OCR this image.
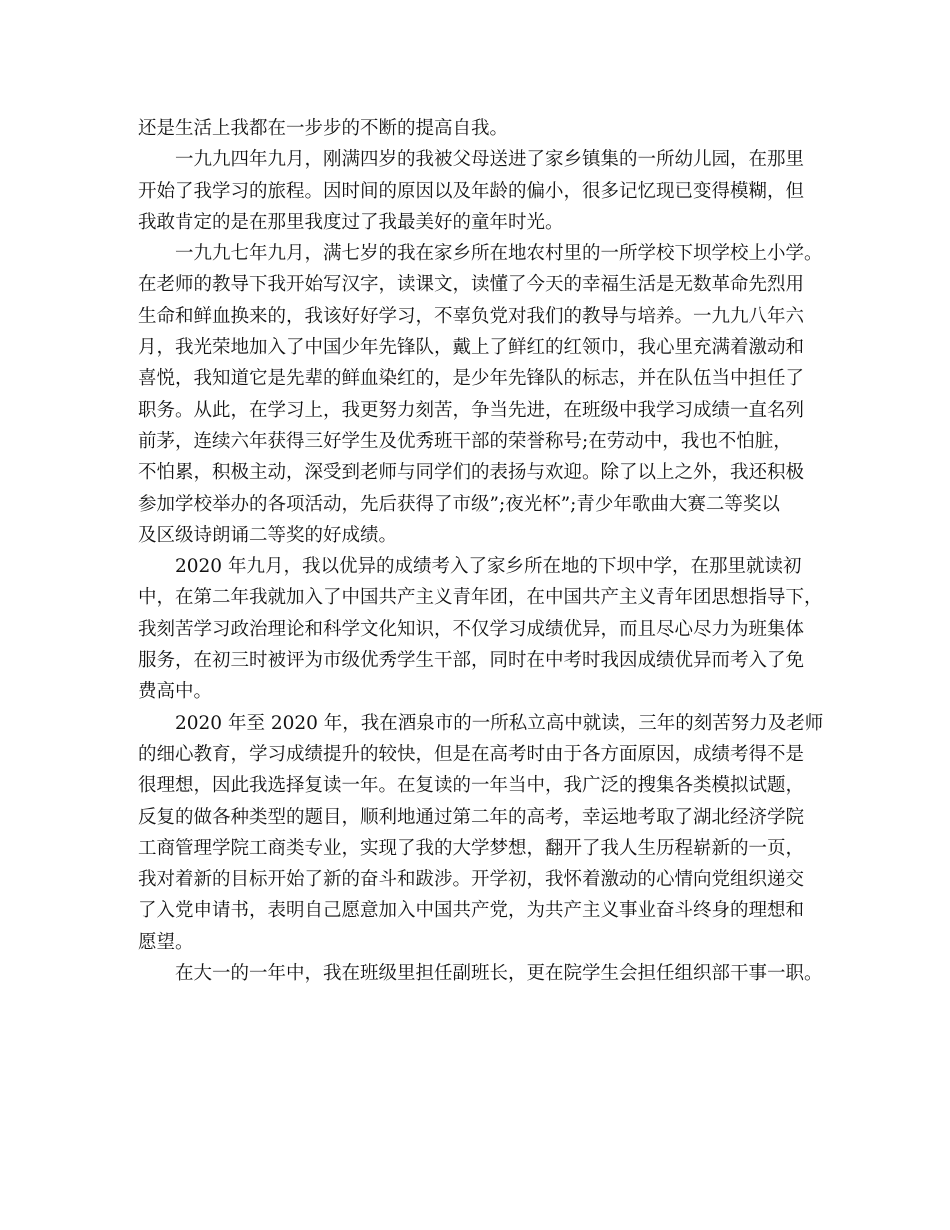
还是生活上我都在一步步的不断的提高自我。
一九九四年九月，刚满四岁的我被父母送进了家乡镇集的一所幼儿园，在那里
开始了我学习的旅程。因时间的原因以及年龄的偏小，很多记忆现已变得模糊，但
我敢肯定的是在那里我度过了我最美好的童年时光。
一九九七年九月，满七岁的我在家乡所在地农村里的一所学校下坝学校上小学。
在老师的教导下我开始写汉字，读课文，读懂了今天的幸福生活是无数革命先烈用
生命和鲜血换来的，我该好好学习，不辜负党对我们的教导与培养。一九九八年六
月，我光荣地加入了中国少年先锋队，戴上了鲜红的红领巾，我心里充满着激动和
喜悦，我知道它是先辈的鲜血染红的，是少年先锋队的标志，并在队伍当中担任了
职务。从此，在学习上，我更努力刻苦，争当先进，在班级中我学习成绩一直名列
前茅，连续六年获得三好学生及优秀班干部的荣誉称号;在劳动中，我也不怕脏，
不怕累，积极主动，深受到老师与同学们的表扬与欢迎。除了以上之外，我还积极
参加学校举办的各项活动，先后获得了市级”;夜光杯”;青少年歌曲大赛二等奖以
及区级诗朗诵二等奖的好成绩。
2020 年九月，我以优异的成绩考入了家乡所在地的下坝中学，在那里就读初
中，在第二年我就加入了中国共产主义青年团，在中国共产主义青年团思想指导下，
我刻苦学习政治理论和科学文化知识，不仅学习成绩优异，而且尽心尽力为班集体
服务，在初三时被评为市级优秀学生干部，同时在中考时我因成绩优异而考入了免
费高中。
2020 年至 2020 年，我在酒泉市的一所私立高中就读，三年的刻苦努力及老师
的细心教育，学习成绩提升的较快，但是在高考时由于各方面原因，成绩考得不是
很理想，因此我选择复读一年。在复读的一年当中，我广泛的搜集各类模拟试题，
反复的做各种类型的题目，顺利地通过第二年的高考，幸运地考取了湖北经济学院
工商管理学院工商类专业，实现了我的大学梦想，翻开了我人生历程崭新的一页，
我对着新的目标开始了新的奋斗和跋涉。开学初，我怀着激动的心情向党组织递交
了入党申请书，表明自己愿意加入中国共产党，为共产主义事业奋斗终身的理想和
愿望。
在大一的一年中，我在班级里担任副班长，更在院学生会担任组织部干事一职。
